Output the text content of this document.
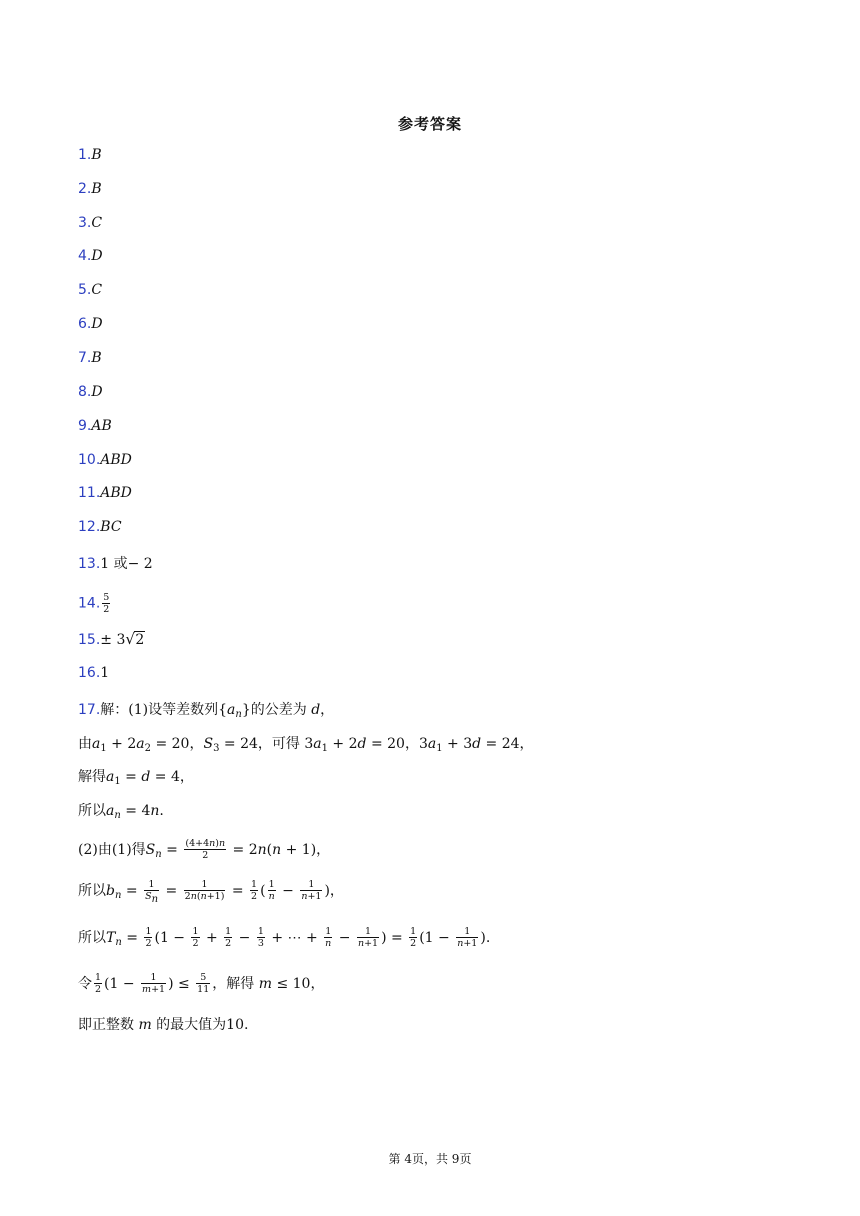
参考答案
1.B
2.B
3.C
4.D
5.C
6.D
7.B
8.D
9.AB
10.ABD
11.ABD
12.BC
13.1 或− 2
14. $\frac{5}{2}$
15.± 3 √ 2
16.1
17.解：(1)设等差数列$\{a_n\}$的公差为 d，
由$a_1 + 2a_2 = 20$，$S_3 = 24$，可得 $3a_1 + 2d = 20$，$3a_1 + 3d = 24$，
解得$a_1 = d = 4$，
所以$a_n = 4n$.
(2)由(1)得$S_n = \frac{(4+4n)n}{2} = 2n(n + 1)$，
所以$b_n = \frac{1}{S_n} = \frac{1}{2n(n+1)} = \frac{1}{2}$ ( $\frac{1}{n} - \frac{1}{n+1}$ )，
所以$T_n = \frac{1}{2} (1 - \frac{1}{2} + \frac{1}{2} - \frac{1}{3}$ + ⋯ + $\frac{1}{n} - \frac{1}{n+1}$ ) = $\frac{1}{2} (1 - \frac{1}{n+1}$ ).
令 $\frac{1}{2} (1 - \frac{1}{m+1}$ ) ≤ $\frac{5}{11}$ ，解得 m ≤ 10，
即正整数 m 的最大值为10.
第 4页，共 9页
